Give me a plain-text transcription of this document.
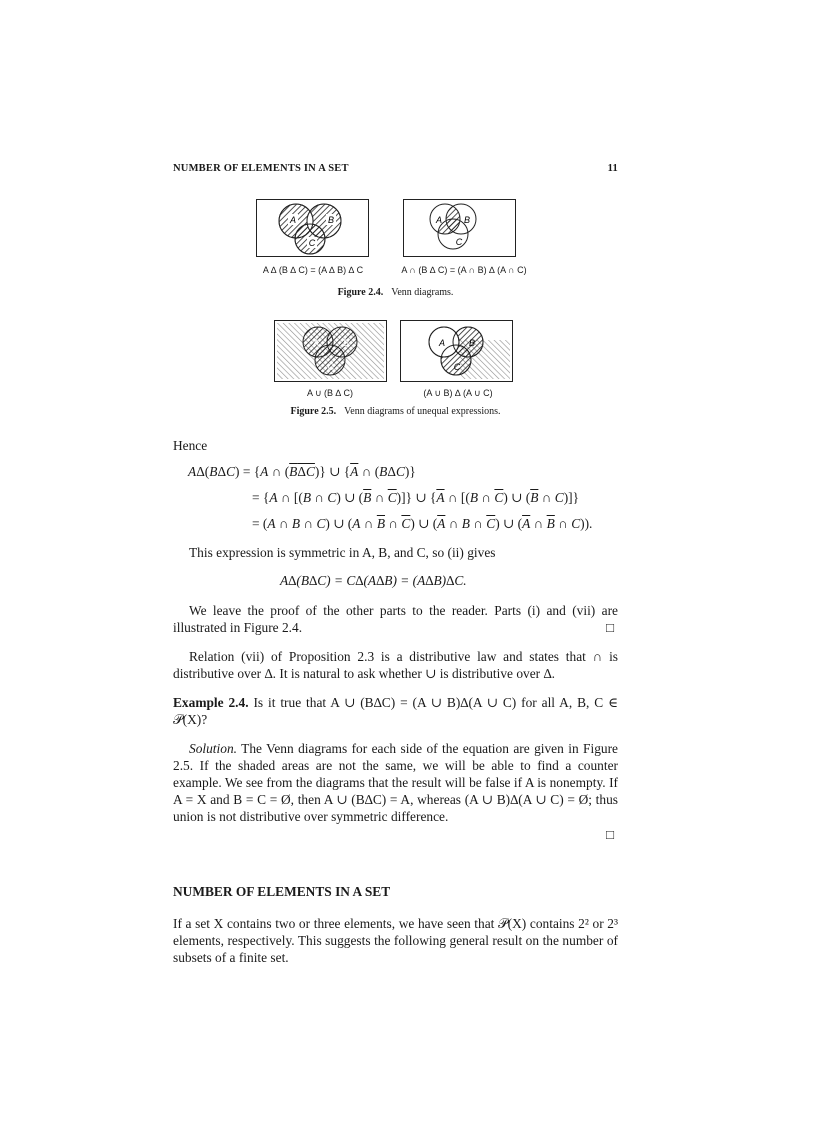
NUMBER OF ELEMENTS IN A SET	11
A	B
C
A ∆ (B ∆ C) = (A ∆ B) ∆ C
A B
C
A ∩ (B ∆ C) = (A ∩ B) ∆ (A ∩ C)
Figure 2.4. Venn diagrams.
A	B
C
A ∪ (B ∆ C)
A	B
C
(A ∪ B) ∆ (A ∪ C)
Figure 2.5. Venn diagrams of unequal expressions.
Hence
AΔ(BΔC) = {A ∩ (BΔC)} ∪ {$\overline{A}$ ∩ (BΔC)}
= {A ∩ [(B ∩ C) ∪ ($\overline{B}$ ∩ $\overline{C}$)]} ∪ {$\overline{A}$ ∩ [(B ∩ $\overline{C}$) ∪ ($\overline{B}$ ∩ C)]}
= (A ∩ B ∩ C) ∪ (A ∩ $\overline{B}$ ∩ $\overline{C}$) ∪ ($\overline{A}$ ∩ B ∩ $\overline{C}$) ∪ ($\overline{A}$ ∩ $\overline{B}$ ∩ C)).
This expression is symmetric in A, B, and C, so (ii) gives
A∆(B∆C) = C∆(A∆B) = (A∆B)∆C.
We leave the proof of the other parts to the reader. Parts (i) and (vii) are illustrated in Figure 2.4.	□
Relation (vii) of Proposition 2.3 is a distributive law and states that ∩ is distributive over ∆. It is natural to ask whether ∪ is distributive over ∆.
Example 2.4. Is it true that A ∪ (B∆C) = (A ∪ B)∆(A ∪ C) for all A, B, C ∈ 𝒫(X)?
Solution. The Venn diagrams for each side of the equation are given in Figure 2.5. If the shaded areas are not the same, we will be able to find a counter example. We see from the diagrams that the result will be false if A is nonempty. If A = X and B = C = Ø, then A ∪ (B∆C) = A, whereas (A ∪ B)∆(A ∪ C) = Ø; thus union is not distributive over symmetric difference.
□
NUMBER OF ELEMENTS IN A SET
If a set X contains two or three elements, we have seen that 𝒫(X) contains 2² or 2³ elements, respectively. This suggests the following general result on the number of subsets of a finite set.
